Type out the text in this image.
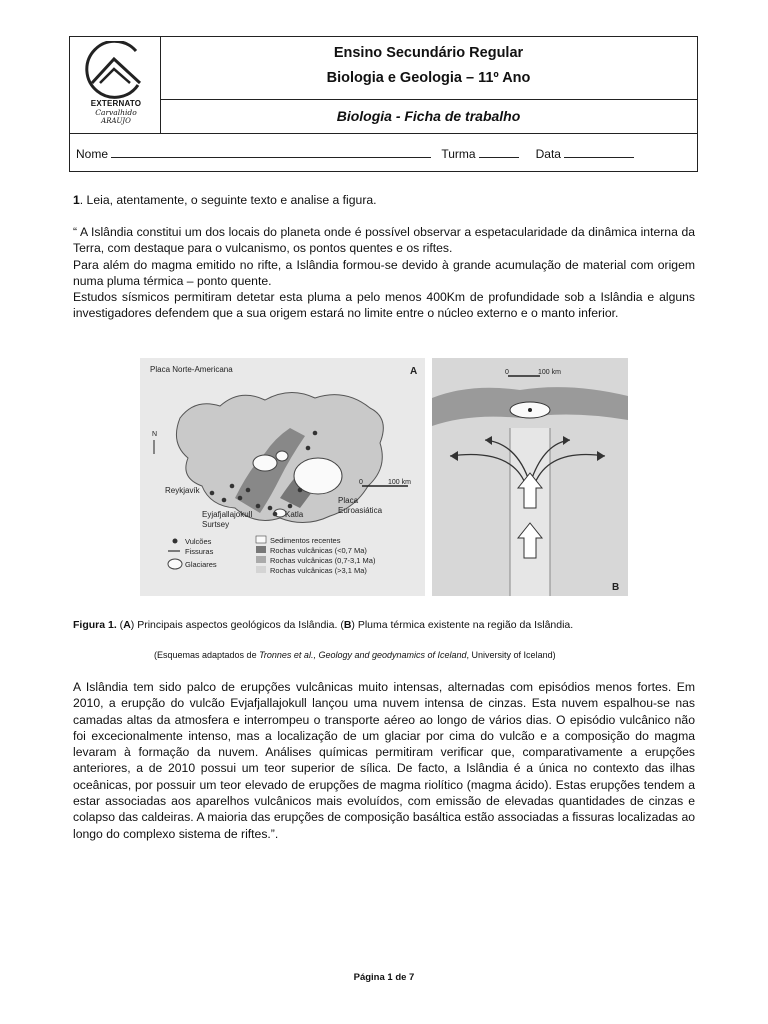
EXTERNATO
Carvalhido
ARAUJO
Ensino Secundário Regular
Biologia e Geologia – 11º Ano
Biologia - Ficha de trabalho
Nome	Turma	Data

1. Leia, atentamente, o seguinte texto e analise a figura.

“ A Islândia constitui um dos locais do planeta onde é possível observar a espetacularidade da dinâmica interna da Terra, com destaque para o vulcanismo, os pontos quentes e os riftes.

Para além do magma emitido no rifte, a Islândia formou-se devido à grande acumulação de material com origem numa pluma térmica – ponto quente.

Estudos sísmicos permitiram detetar esta pluma a pelo menos 400Km de profundidade sob a Islândia e alguns investigadores defendem que a sua origem estará no limite entre o núcleo externo e o manto inferior.

Placa Norte-Americana	A
N
Reykjavík
Eyjafjallajokull
Surtsey
Katla
Placa
Euroasiática
0	100 km
Vulcões
Fissuras
Glaciares
Sedimentos recentes
Rochas vulcânicas (<0,7 Ma)
Rochas vulcânicas (0,7-3,1 Ma)
Rochas vulcânicas (>3,1 Ma)
0	100 km
B
Figura 1. (A) Principais aspectos geológicos da Islândia. (B) Pluma térmica existente na região da Islândia.
(Esquemas adaptados de Tronnes et al., Geology and geodynamics of Iceland, University of Iceland)

A Islândia tem sido palco de erupções vulcânicas muito intensas, alternadas com episódios menos fortes. Em 2010, a erupção do vulcão Evjafjallajokull lançou uma nuvem intensa de cinzas. Esta nuvem espalhou-se nas camadas altas da atmosfera e interrompeu o transporte aéreo ao longo de vários dias. O episódio vulcânico não foi excecionalmente intenso, mas a localização de um glaciar por cima do vulcão e a composição do magma levaram à formação da nuvem. Análises químicas permitiram verificar que, comparativamente a erupções anteriores, a de 2010 possui um teor superior de sílica. De facto, a Islândia é a única no contexto das ilhas oceânicas, por possuir um teor elevado de erupções de magma riolítico (magma ácido). Estas erupções tendem a estar associadas aos aparelhos vulcânicos mais evoluídos, com emissão de elevadas quantidades de cinzas e colapso das caldeiras. A maioria das erupções de composição basáltica estão associadas a fissuras localizadas ao longo do complexo sistema de riftes.”.

Página 1 de 7
